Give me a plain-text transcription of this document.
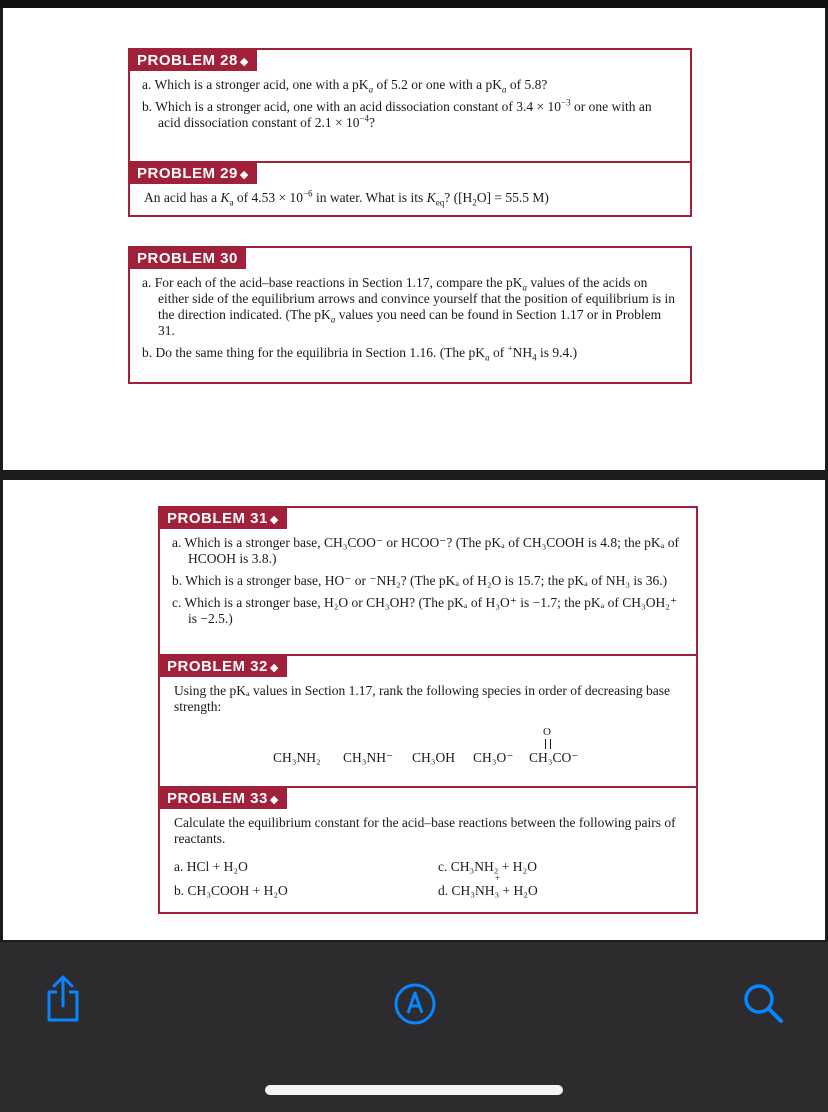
PROBLEM 28 ◆

a. Which is a stronger acid, one with a $pK_a$ of 5.2 or one with a $pK_a$ of 5.8?

b. Which is a stronger acid, one with an acid dissociation constant of $3.4 \times 10^{-3}$ or one with an acid dissociation constant of $2.1 \times 10^{-4}$?

PROBLEM 29 ◆

An acid has a $K_a$ of $4.53 \times 10^{-6}$ in water. What is its $K_{eq}$? ($[H_2O] = 55.5$ M)

PROBLEM 30

a. For each of the acid–base reactions in Section 1.17, compare the $pK_a$ values of the acids on either side of the equilibrium arrows and convince yourself that the position of equilibrium is in the direction indicated. (The $pK_a$ values you need can be found in Section 1.17 or in Problem 31.

b. Do the same thing for the equilibria in Section 1.16. (The $pK_a$ of $^+NH_4$ is 9.4.)

PROBLEM 31 ◆

a. Which is a stronger base, CH₃COO⁻ or HCOO⁻? (The pKₐ of CH₃COOH is 4.8; the pKₐ of HCOOH is 3.8.)

b. Which is a stronger base, HO⁻ or ⁻NH₂? (The pKₐ of H₂O is 15.7; the pKₐ of NH₃ is 36.)

c. Which is a stronger base, H₂O or CH₃OH? (The pKₐ of H₃O⁺ is −1.7; the pKₐ of CH₃OH₂⁺ is −2.5.)

PROBLEM 32 ◆

Using the pKₐ values in Section 1.17, rank the following species in order of decreasing base strength:

CH₃NH₂ CH₃NH⁻ CH₃OH CH₃O⁻
O
CH₃CO⁻
PROBLEM 33 ◆

Calculate the equilibrium constant for the acid–base reactions between the following pairs of reactants.

a. HCl + H₂O
b. CH₃COOH + H₂O
c. CH₃NH₂ + H₂O
+
d. CH₃NH₃ + H₂O
